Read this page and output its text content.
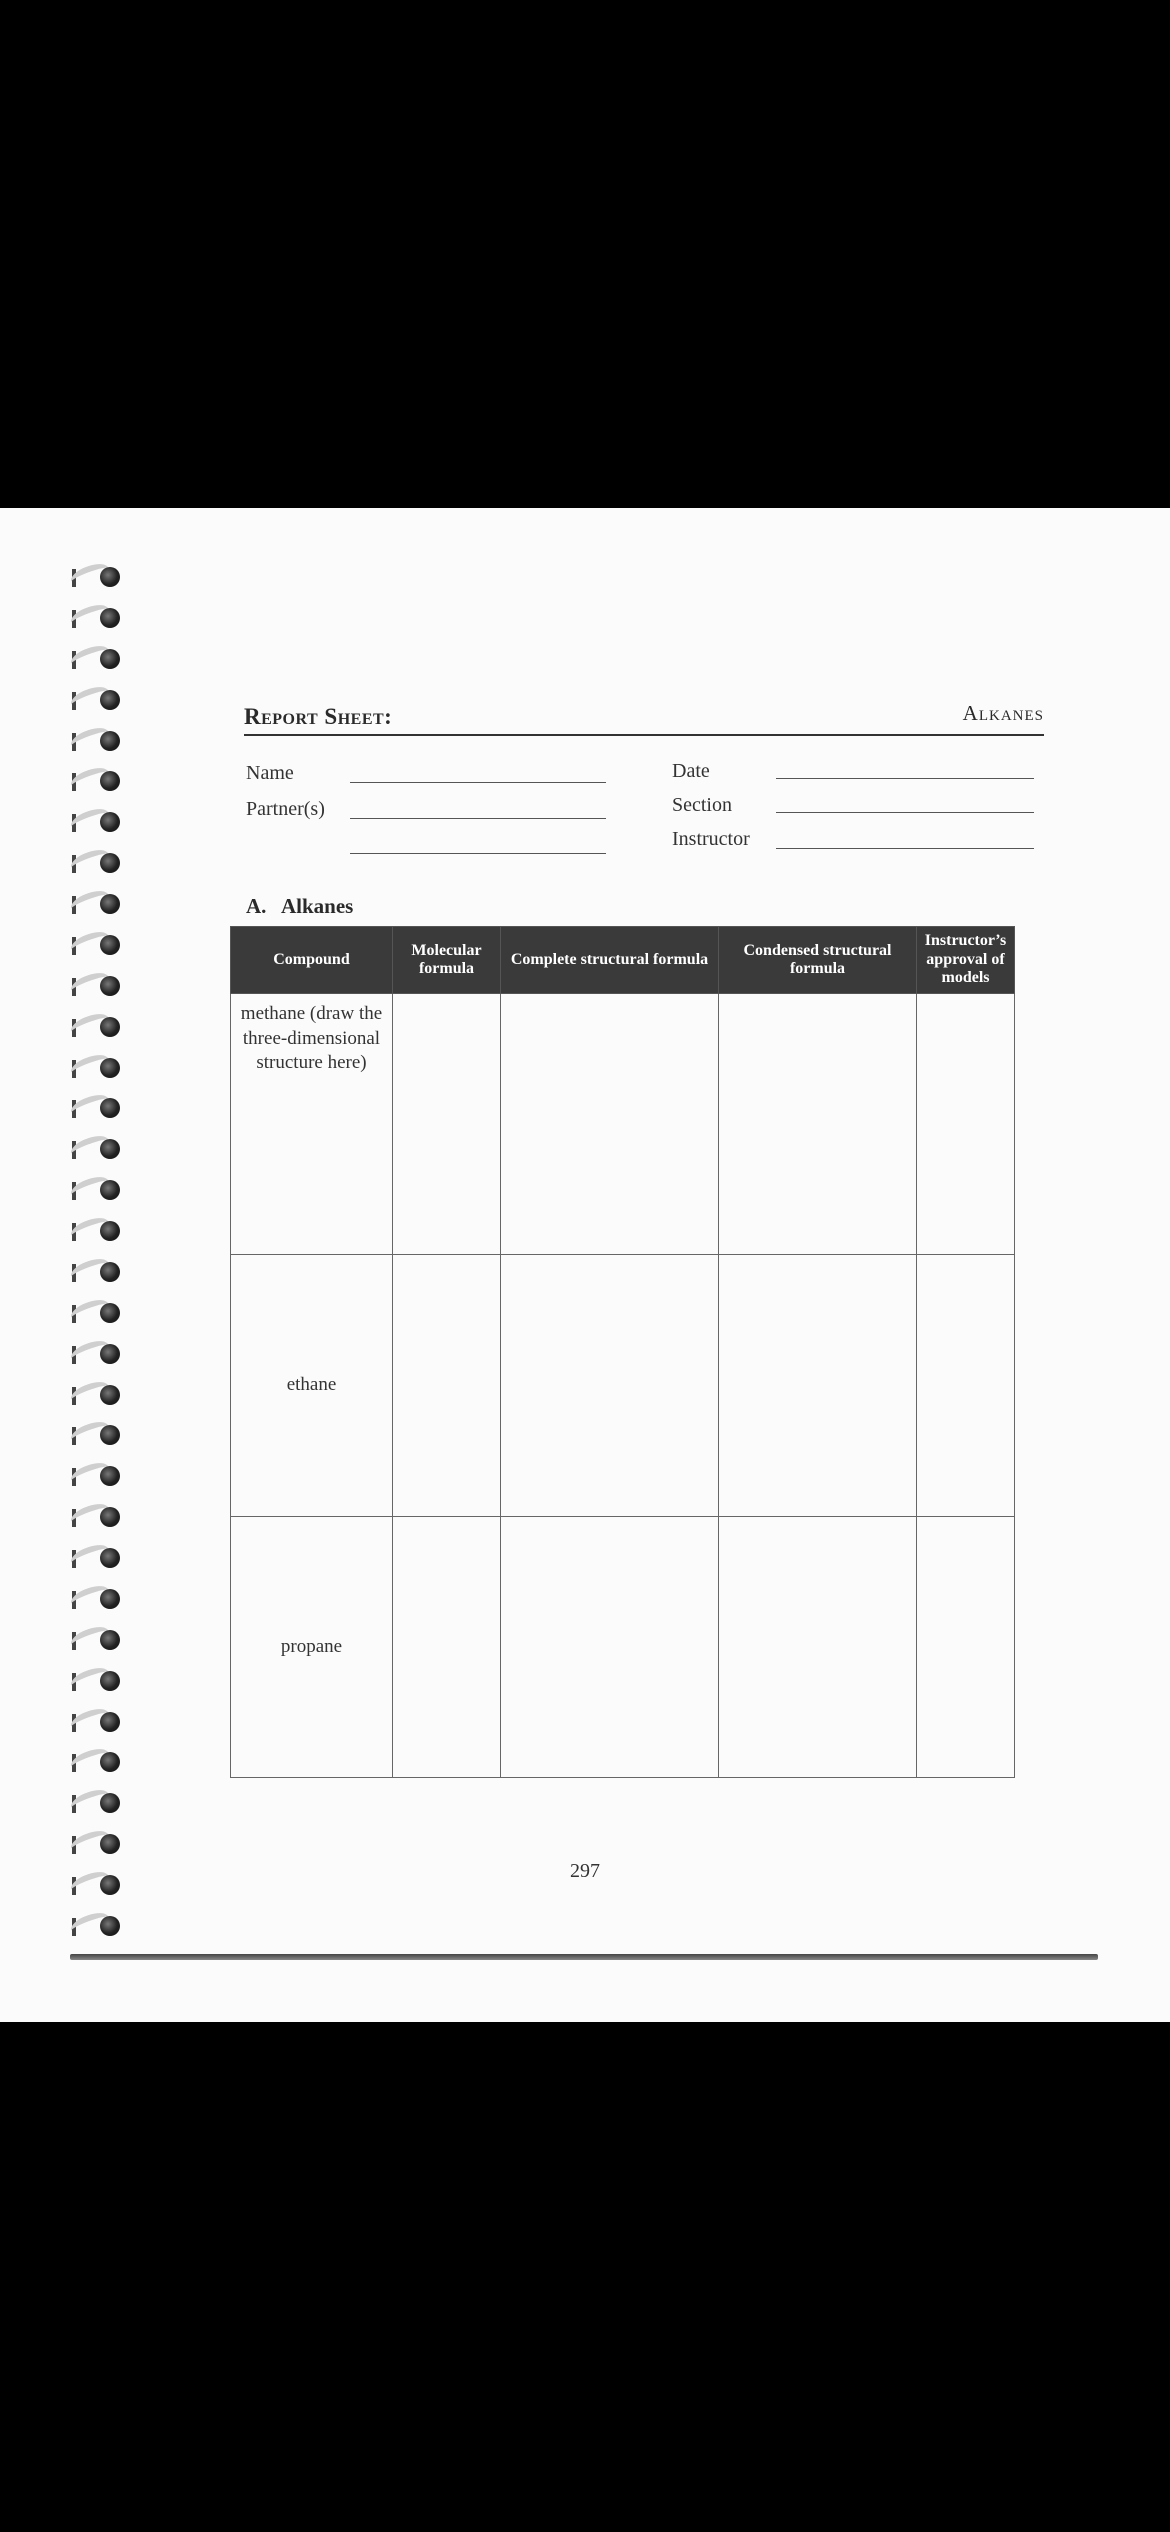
Report Sheet:	Alkanes
Name
Partner(s)
Date
Section
Instructor
A.   Alkanes
Compound	Molecular formula	Complete structural formula	Condensed structural formula	Instructor’s approval of models
methane (draw the three-dimensional structure here)				
ethane				
propane				
297
